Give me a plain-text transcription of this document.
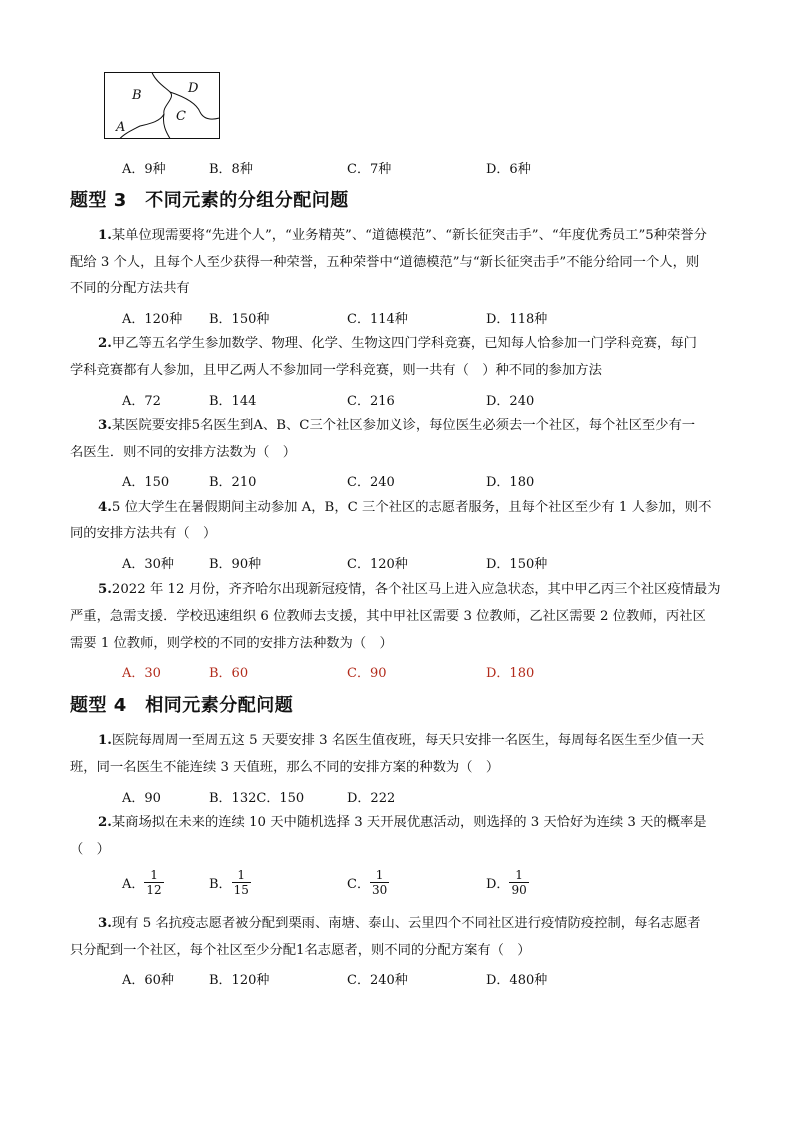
B	D
C
A
A．9种	B．8种	C．7种	D．6种
题型 3　不同元素的分组分配问题
1.某单位现需要将“先进个人”，“业务精英”、“道德模范”、“新长征突击手”、“年度优秀员工”5种荣誉分
配给 3 个人，且每个人至少获得一种荣誉，五种荣誉中“道德模范”与“新长征突击手”不能分给同一个人，则
不同的分配方法共有
A．120种 B．150种	C．114种	D．118种
2.甲乙等五名学生参加数学、物理、化学、生物这四门学科竞赛，已知每人恰参加一门学科竞赛，每门
学科竞赛都有人参加，且甲乙两人不参加同一学科竞赛，则一共有（　）种不同的参加方法
A．72	B．144	C．216	D．240
3.某医院要安排5名医生到A、B、C三个社区参加义诊，每位医生必须去一个社区，每个社区至少有一
名医生．则不同的安排方法数为（　）
A．150	B．210	C．240	D．180
4.5 位大学生在暑假期间主动参加 A，B，C 三个社区的志愿者服务，且每个社区至少有 1 人参加，则不
同的安排方法共有（　）
A．30种	B．90种	C．120种	D．150种
5.2022 年 12 月份，齐齐哈尔出现新冠疫情，各个社区马上进入应急状态，其中甲乙丙三个社区疫情最为
严重，急需支援．学校迅速组织 6 位教师去支援，其中甲社区需要 3 位教师，乙社区需要 2 位教师，丙社区
需要 1 位教师，则学校的不同的安排方法种数为（　）
A．30	B．60	C．90	D．180
题型 4　相同元素分配问题
1.医院每周周一至周五这 5 天要安排 3 名医生值夜班，每天只安排一名医生，每周每名医生至少值一天
班，同一名医生不能连续 3 天值班，那么不同的安排方案的种数为（　）
A．90	B．132C．150	D．222
2.某商场拟在未来的连续 10 天中随机选择 3 天开展优惠活动，则选择的 3 天恰好为连续 3 天的概率是
（　）
A． $\frac{1}{12}$	B． $\frac{1}{15}$	C． $\frac{1}{30}$	D． $\frac{1}{90}$
3.现有 5 名抗疫志愿者被分配到栗雨、南塘、泰山、云里四个不同社区进行疫情防疫控制，每名志愿者
只分配到一个社区，每个社区至少分配1名志愿者，则不同的分配方案有（　）
A．60种	B．120种	C．240种	D．480种
